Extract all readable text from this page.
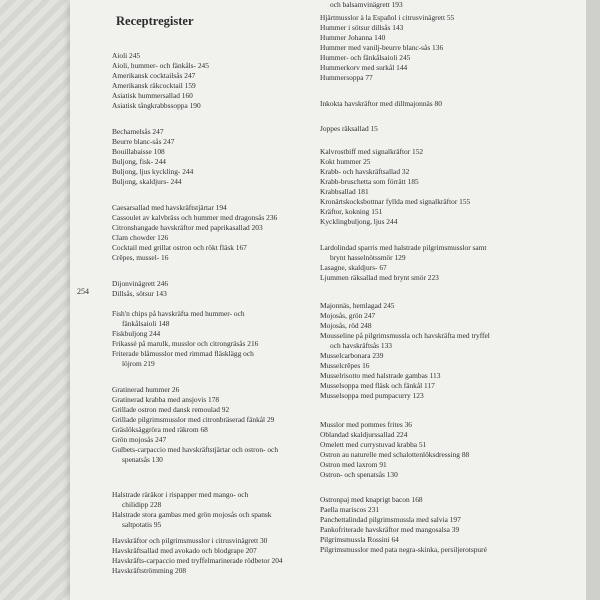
Receptregister
254
Aioli 245
Aioli, hummer- och fänkåls- 245
Amerikansk cocktailsås 247
Amerikansk räkcocktail 159
Asiatisk hummersallad 160
Asiatisk tångkrabbssoppa 190
Bechamelsås 247
Beurre blanc-sås 247
Bouillabaisse 108
Buljong, fisk- 244
Buljong, ljus kyckling- 244
Buljong, skaldjurs- 244
Caesarsallad med havskräftstjärtar 194
Cassoulet av kalvbräss och hummer med dragonsås 236
Citronshangade havskräftor med paprikasallad 203
Clam chowder 126
Cocktail med grillat ostron och rökt fläsk 167
Crêpes, mussel- 16
Dijonvinägrett 246
Dillsås, sötsur 143
Fish'n chips på havskräfta med hummer- och
fänkålsaioli 148
Fiskbuljong 244
Frikassé på marulk, musslor och citrongräsås 216
Friterade blåmusslor med rimmad fläsklägg och
löjrom 219
Gratinerad hummer 26
Gratinerad krabba med ansjovis 178
Grillade ostron med dansk remoulad 92
Grillade pilgrimsmusslor med citronbräserad fänkål 29
Gräslöksäggröra med räkrom 68
Grön mojosås 247
Gulbets-carpaccio med havskräftstjärtar och ostron- och
spenatsås 130
Halstrade räräkor i rispapper med mango- och
chilidipp 228
Halstrade stora gambas med grön mojosås och spansk
saltpotatis 95
Havskräftor och pilgrimsmusslor i citrusvinägrett 30
Havskräftsallad med avokado och blodgrape 207
Havskräfts-carpaccio med tryffelmarinerade rödbetor 204
Havskräftströmming 208
Hjärtmusslor à la Español i citrusvinägrett 55
Hummer i sötsur dillsås 143
Hummer Johanna 140
Hummer med vanilj-beurre blanc-sås 136
Hummer- och fänkålsaioli 245
Hummerkorv med surkål 144
Hummersoppa 77
Inkokta havskräftor med dillmajonnäs 80
Joppes räksallad 15
Kalvrostbiff med signalkräftor 152
Kokt hummer 25
Krabb- och havskräftsallad 32
Krabb-bruschetta som förrätt 185
Krabbsallad 181
Kronärtskocksbottnar fyllda med signalkräftor 155
Kräftor, kokning 151
Kycklingbuljong, ljus 244
Lardolindad sparris med halstrade pilgrimsmusslor samt
brynt hasselnötssmör 129
Lasagne, skaldjurs- 67
Ljummen räksallad med brynt smör 223
Majonnäs, hemlagad 245
Mojosås, grön 247
Mojosås, röd 248
Mousseline på pilgrimsmussla och havskräfta med tryffel
och havskräftsås 133
Musselcarbonara 239
Musselcrêpes 16
Musselrisotto med halstrade gambas 113
Musselsoppa med fläsk och fänkål 117
Musselsoppa med pumpacurry 123
Musslor med pommes frites 36
Oblandad skaldjurssallad 224
Omelett med currystuvad krabba 51
Ostron au naturelle med schalottenlöksdressing 88
Ostron med laxrom 91
Ostron- och spenatsås 130
Ostronpaj med knaprigt bacon 168
Paella mariscos 231
Panchettalindad pilgrimsmussla med salvia 197
Pankofriterade havskräftor med mangosalsa 39
Pilgrimsmussla Rossini 64
Pilgrimsmusslor med pata negra-skinka, persiljerotspuré
och balsamvinägrett 193
